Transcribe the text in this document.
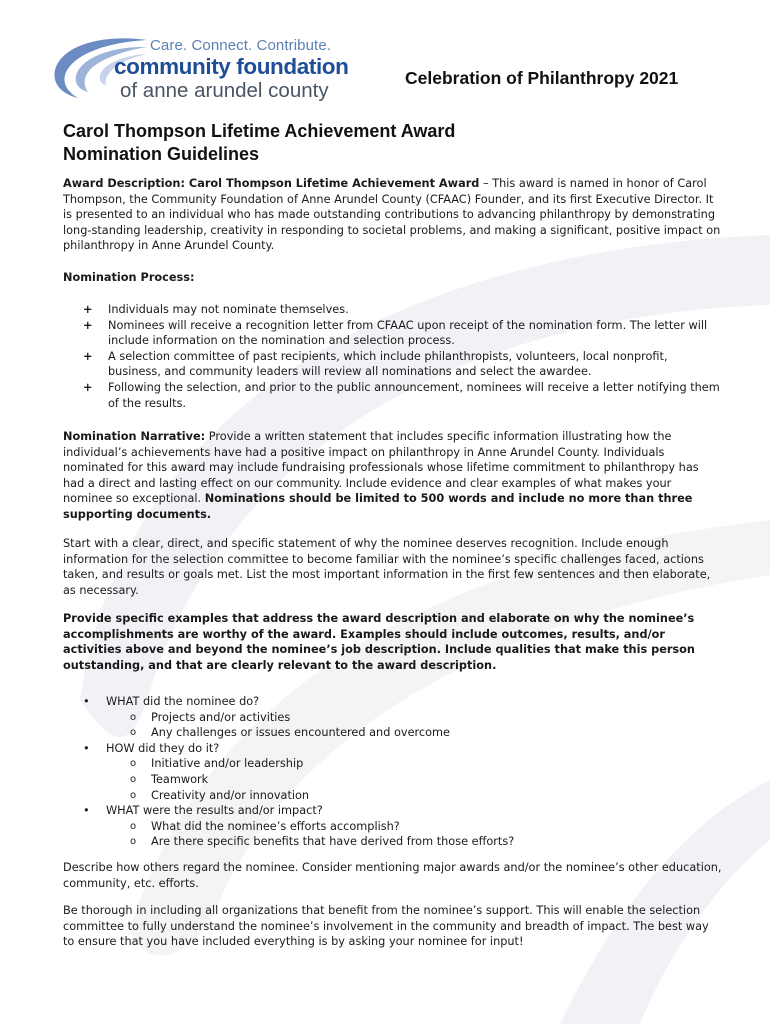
Care. Connect. Contribute.
community foundation
of anne arundel county
Celebration of Philanthropy 2021
Carol Thompson Lifetime Achievement Award
Nomination Guidelines

Award Description: Carol Thompson Lifetime Achievement Award – This award is named in honor of Carol Thompson, the Community Foundation of Anne Arundel County (CFAAC) Founder, and its first Executive Director. It is presented to an individual who has made outstanding contributions to advancing philanthropy by demonstrating long-standing leadership, creativity in responding to societal problems, and making a significant, positive impact on philanthropy in Anne Arundel County.

Nomination Process:

+ Individuals may not nominate themselves.
+ Nominees will receive a recognition letter from CFAAC upon receipt of the nomination form. The letter will include information on the nomination and selection process.
+ A selection committee of past recipients, which include philanthropists, volunteers, local nonprofit, business, and community leaders will review all nominations and select the awardee.
+ Following the selection, and prior to the public announcement, nominees will receive a letter notifying them of the results.

Nomination Narrative: Provide a written statement that includes specific information illustrating how the individual’s achievements have had a positive impact on philanthropy in Anne Arundel County. Individuals nominated for this award may include fundraising professionals whose lifetime commitment to philanthropy has had a direct and lasting effect on our community. Include evidence and clear examples of what makes your nominee so exceptional. Nominations should be limited to 500 words and include no more than three supporting documents.

Start with a clear, direct, and specific statement of why the nominee deserves recognition. Include enough information for the selection committee to become familiar with the nominee’s specific challenges faced, actions taken, and results or goals met. List the most important information in the first few sentences and then elaborate, as necessary.

Provide specific examples that address the award description and elaborate on why the nominee’s accomplishments are worthy of the award. Examples should include outcomes, results, and/or activities above and beyond the nominee’s job description. Include qualities that make this person outstanding, and that are clearly relevant to the award description.

• WHAT did the nominee do?
o Projects and/or activities
o Any challenges or issues encountered and overcome
• HOW did they do it?
o Initiative and/or leadership
o Teamwork
o Creativity and/or innovation
• WHAT were the results and/or impact?
o What did the nominee’s efforts accomplish?
o Are there specific benefits that have derived from those efforts?

Describe how others regard the nominee. Consider mentioning major awards and/or the nominee’s other education, community, etc. efforts.

Be thorough in including all organizations that benefit from the nominee’s support. This will enable the selection committee to fully understand the nominee’s involvement in the community and breadth of impact. The best way to ensure that you have included everything is by asking your nominee for input!
